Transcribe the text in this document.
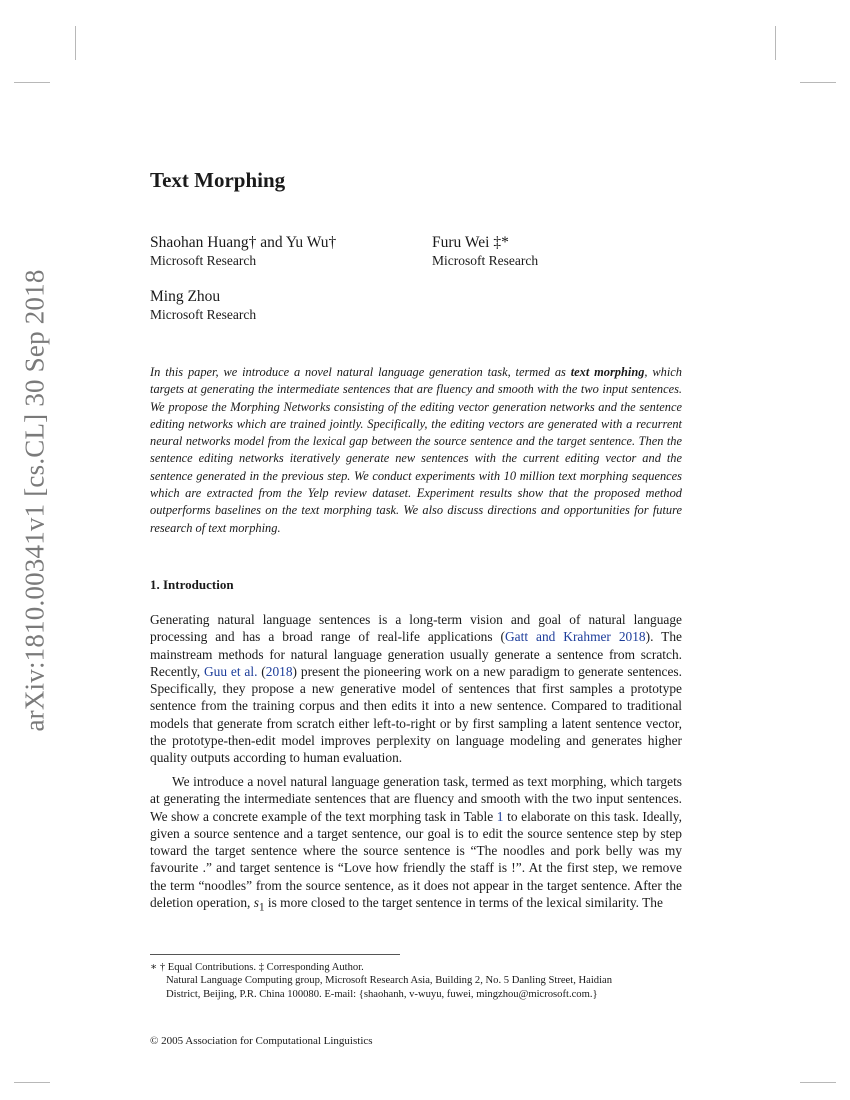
arXiv:1810.00341v1 [cs.CL] 30 Sep 2018
Text Morphing
Shaohan Huang† and Yu Wu†
Microsoft Research
Furu Wei ‡*
Microsoft Research
Ming Zhou
Microsoft Research

In this paper, we introduce a novel natural language generation task, termed as text morphing, which targets at generating the intermediate sentences that are fluency and smooth with the two input sentences. We propose the Morphing Networks consisting of the editing vector generation networks and the sentence editing networks which are trained jointly. Specifically, the editing vectors are generated with a recurrent neural networks model from the lexical gap between the source sentence and the target sentence. Then the sentence editing networks iteratively generate new sentences with the current editing vector and the sentence generated in the previous step. We conduct experiments with 10 million text morphing sequences which are extracted from the Yelp review dataset. Experiment results show that the proposed method outperforms baselines on the text morphing task. We also discuss directions and opportunities for future research of text morphing.

1. Introduction

Generating natural language sentences is a long-term vision and goal of natural language processing and has a broad range of real-life applications (Gatt and Krahmer 2018). The mainstream methods for natural language generation usually generate a sentence from scratch. Recently, Guu et al. (2018) present the pioneering work on a new paradigm to generate sentences. Specifically, they propose a new generative model of sentences that first samples a prototype sentence from the training corpus and then edits it into a new sentence. Compared to traditional models that generate from scratch either left-to-right or by first sampling a latent sentence vector, the prototype-then-edit model improves perplexity on language modeling and generates higher quality outputs according to human evaluation.

We introduce a novel natural language generation task, termed as text morphing, which targets at generating the intermediate sentences that are fluency and smooth with the two input sentences. We show a concrete example of the text morphing task in Table 1 to elaborate on this task. Ideally, given a source sentence and a target sentence, our goal is to edit the source sentence step by step toward the target sentence where the source sentence is “The noodles and pork belly was my favourite .” and target sentence is “Love how friendly the staff is !”. At the first step, we remove the term “noodles” from the source sentence, as it does not appear in the target sentence. After the deletion operation, $s_1$ is more closed to the target sentence in terms of the lexical similarity. The

∗ † Equal Contributions. ‡ Corresponding Author.
Natural Language Computing group, Microsoft Research Asia, Building 2, No. 5 Danling Street, Haidian
District, Beijing, P.R. China 100080. E-mail: {shaohanh, v-wuyu, fuwei, mingzhou@microsoft.com.}
© 2005 Association for Computational Linguistics
